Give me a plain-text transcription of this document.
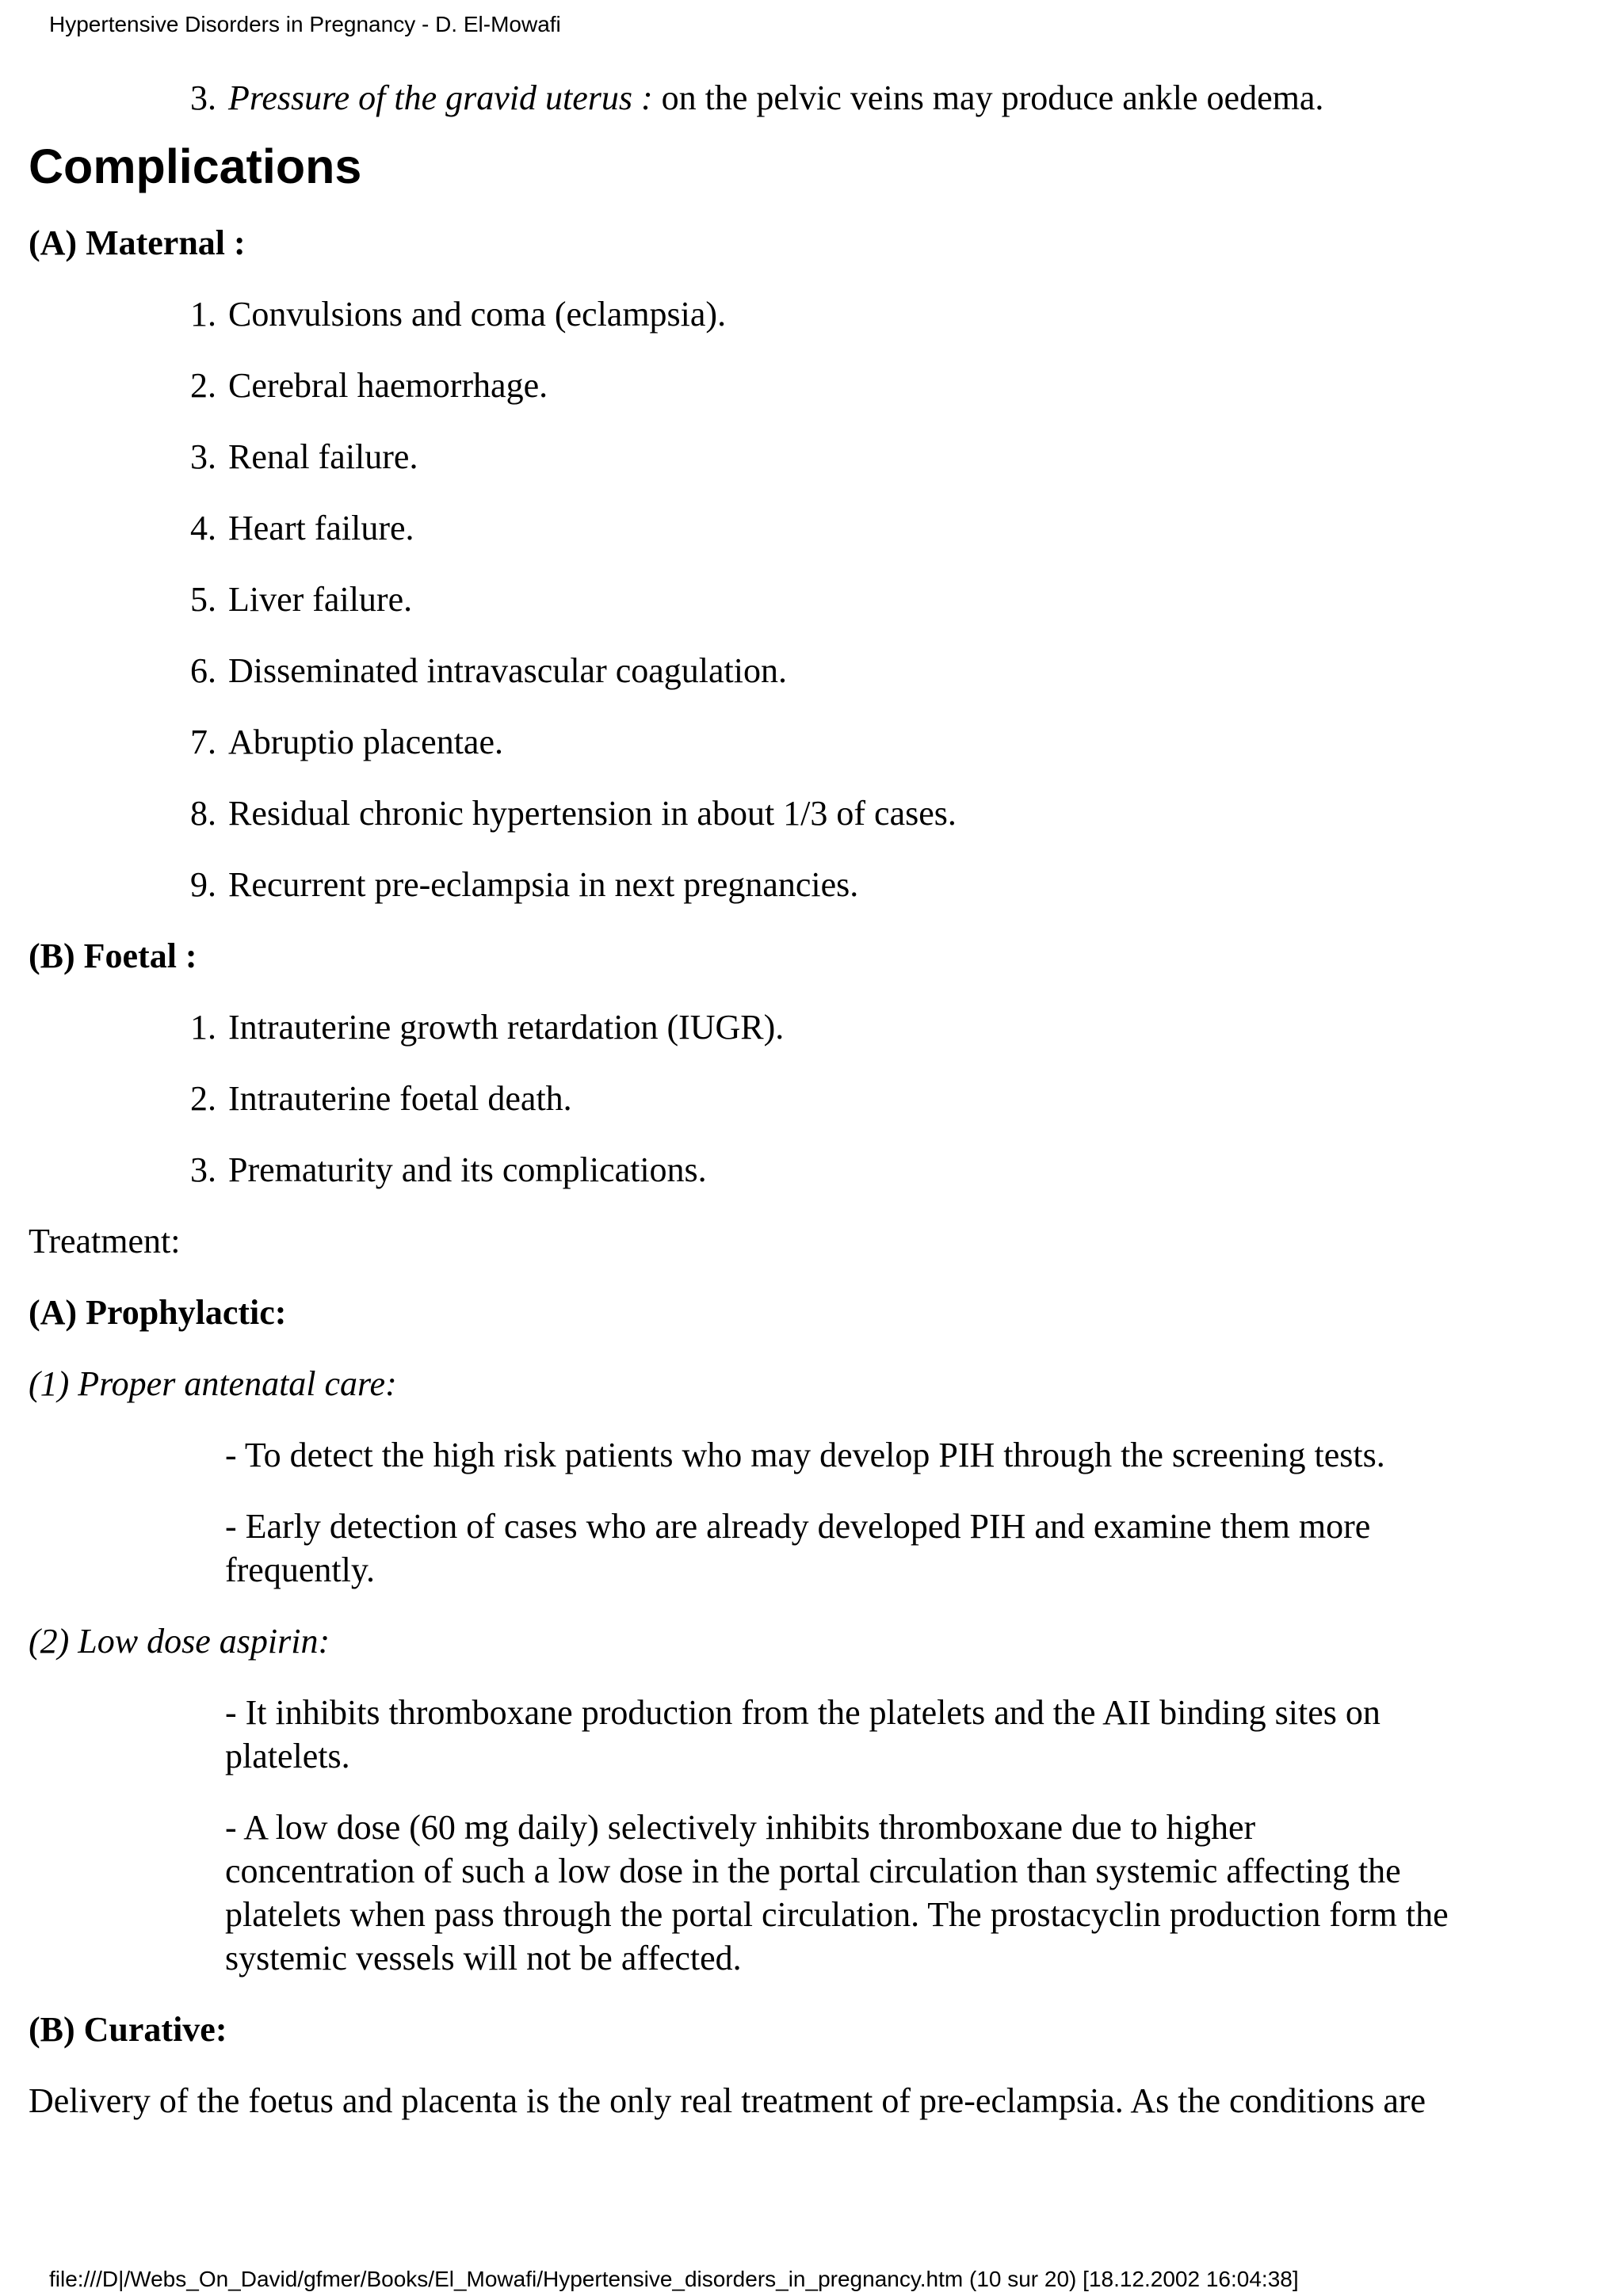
Hypertensive Disorders in Pregnancy - D. El-Mowafi
3. Pressure of the gravid uterus : on the pelvic veins may produce ankle oedema.
Complications

(A) Maternal :

1. Convulsions and coma (eclampsia).
2. Cerebral haemorrhage.
3. Renal failure.
4. Heart failure.
5. Liver failure.
6. Disseminated intravascular coagulation.
7. Abruptio placentae.
8. Residual chronic hypertension in about 1/3 of cases.
9. Recurrent pre-eclampsia in next pregnancies.

(B) Foetal :

1. Intrauterine growth retardation (IUGR).
2. Intrauterine foetal death.
3. Prematurity and its complications.

Treatment:

(A) Prophylactic:

(1) Proper antenatal care:

- To detect the high risk patients who may develop PIH through the screening tests.

- Early detection of cases who are already developed PIH and examine them more frequently.

(2) Low dose aspirin:

- It inhibits thromboxane production from the platelets and the AII binding sites on platelets.

- A low dose (60 mg daily) selectively inhibits thromboxane due to higher concentration of such a low dose in the portal circulation than systemic affecting the platelets when pass through the portal circulation. The prostacyclin production form the systemic vessels will not be affected.

(B) Curative:

Delivery of the foetus and placenta is the only real treatment of pre-eclampsia. As the conditions are

file:///D|/Webs_On_David/gfmer/Books/El_Mowafi/Hypertensive_disorders_in_pregnancy.htm (10 sur 20) [18.12.2002 16:04:38]
